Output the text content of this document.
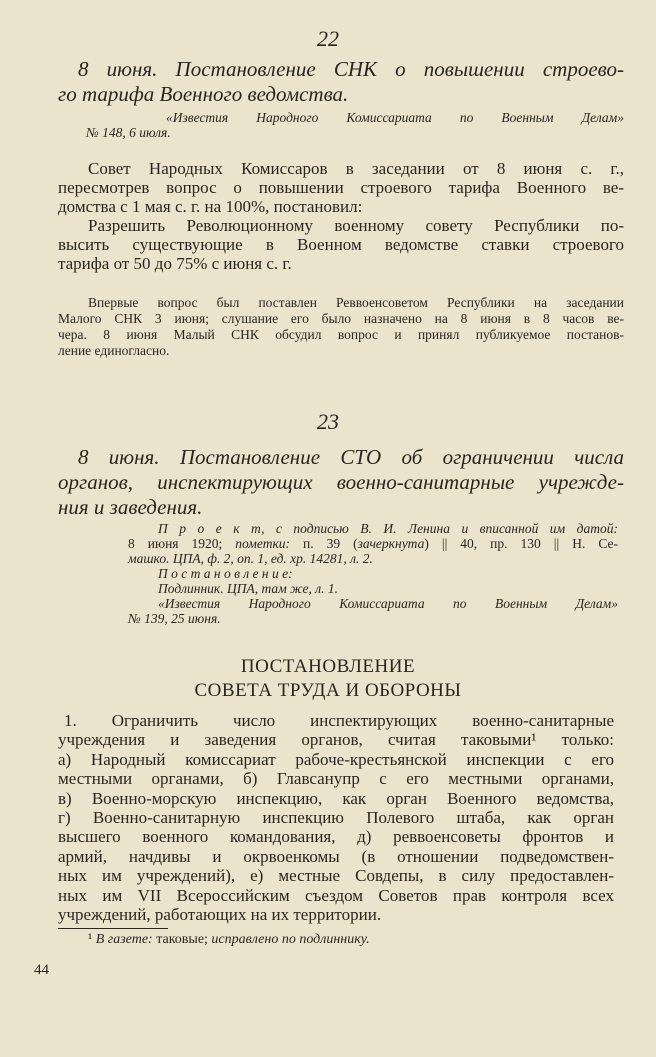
22
8 июня. Постановление СНК о повышении строево-
го тарифа Военного ведомства.
«Известия Народного Комиссариата по Военным Делам»
№ 148, 6 июля.
Совет Народных Комиссаров в заседании от 8 июня с. г.,
пересмотрев вопрос о повышении строевого тарифа Военного ве-
домства с 1 мая с. г. на 100%, постановил:
Разрешить Революционному военному совету Республики по-
высить существующие в Военном ведомстве ставки строевого
тарифа от 50 до 75% с июня с. г.
Впервые вопрос был поставлен Реввоенсоветом Республики на заседании
Малого СНК 3 июня; слушание его было назначено на 8 июня в 8 часов ве-
чера. 8 июня Малый СНК обсудил вопрос и принял публикуемое постанов-
ление единогласно.
23
8 июня. Постановление СТО об ограничении числа
органов, инспектирующих военно-санитарные учрежде-
ния и заведения.
П р о е к т, с подписью В. И. Ленина и вписанной им датой:
8 июня 1920; пометки: п. 39 (зачеркнута) || 40, пр. 130 || Н. Се-
машко. ЦПА, ф. 2, оп. 1, ед. хр. 14281, л. 2.
П о с т а н о в л е н и е:
Подлинник. ЦПА, там же, л. 1.
«Известия Народного Комиссариата по Военным Делам»
№ 139, 25 июня.
ПОСТАНОВЛЕНИЕ
СОВЕТА ТРУДА И ОБОРОНЫ
1. Ограничить число инспектирующих военно-санитарные
учреждения и заведения органов, считая таковыми¹ только:
а) Народный комиссариат рабоче-крестьянской инспекции с его
местными органами, б) Главсанупр с его местными органами,
в) Военно-морскую инспекцию, как орган Военного ведомства,
г) Военно-санитарную инспекцию Полевого штаба, как орган
высшего военного командования, д) реввоенсоветы фронтов и
армий, начдивы и окрвоенкомы (в отношении подведомствен-
ных им учреждений), е) местные Совдепы, в силу предоставлен-
ных им VII Всероссийским съездом Советов прав контроля всех
учреждений, работающих на их территории.
¹ В газете: таковые; исправлено по подлиннику.
44
